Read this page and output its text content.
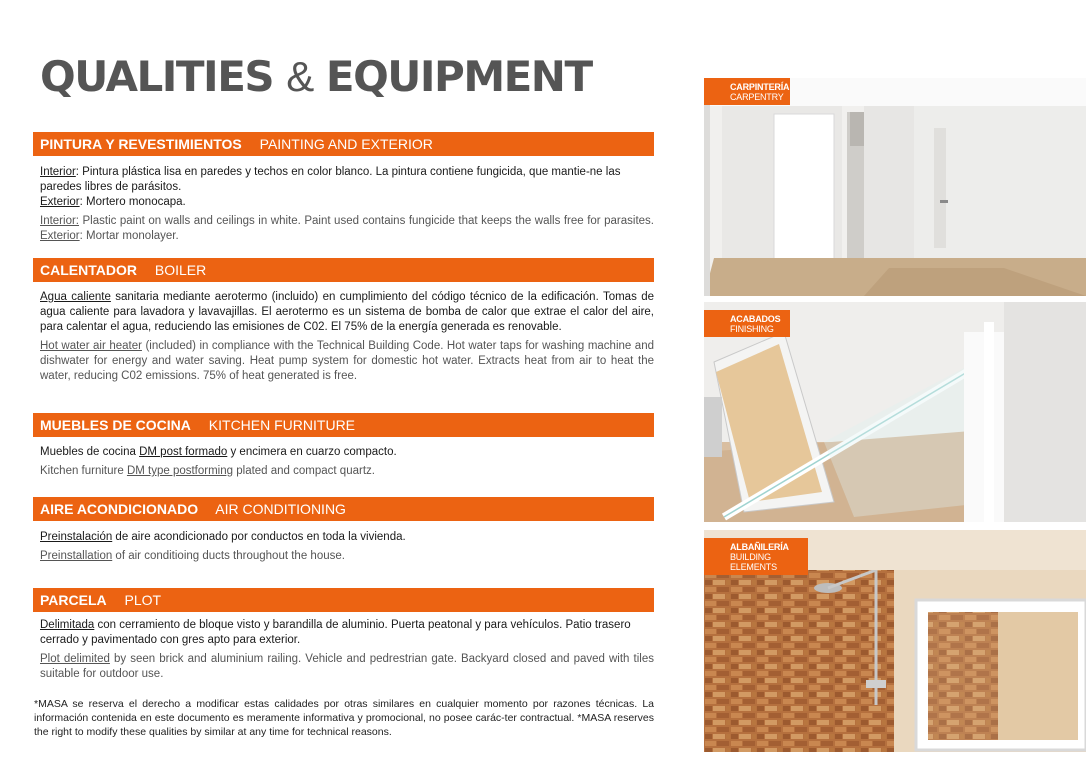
QUALITIES & EQUIPMENT
PINTURA Y REVESTIMIENTOS PAINTING AND EXTERIOR

Interior: Pintura plástica lisa en paredes y techos en color blanco. La pintura contiene fungicida, que mantie-ne las paredes libres de parásitos.
Exterior: Mortero monocapa.

Interior: Plastic paint on walls and ceilings in white. Paint used contains fungicide that keeps the walls free for parasites. Exterior: Mortar monolayer.

CALENTADOR BOILER

Agua caliente sanitaria mediante aerotermo (incluido) en cumplimiento del código técnico de la edificación. Tomas de agua caliente para lavadora y lavavajillas. El aerotermo es un sistema de bomba de calor que extrae el calor del aire, para calentar el agua, reduciendo las emisiones de C02. El 75% de la energía generada es renovable.

Hot water air heater (included) in compliance with the Technical Building Code. Hot water taps for washing machine and dishwater for energy and water saving. Heat pump system for domestic hot water. Extracts heat from air to heat the water, reducing C02 emissions. 75% of heat generated is free.

MUEBLES DE COCINA KITCHEN FURNITURE

Muebles de cocina DM post formado y encimera en cuarzo compacto.

Kitchen furniture DM type postforming plated and compact quartz.

AIRE ACONDICIONADO AIR CONDITIONING

Preinstalación de aire acondicionado por conductos en toda la vivienda.

Preinstallation of air conditioing ducts throughout the house.

PARCELA PLOT

Delimitada con cerramiento de bloque visto y barandilla de aluminio. Puerta peatonal y para vehículos. Patio trasero cerrado y pavimentado con gres apto para exterior.

Plot delimited by seen brick and aluminium railing. Vehicle and pedrestrian gate. Backyard closed and paved with tiles suitable for outdoor use.

*MASA se reserva el derecho a modificar estas calidades por otras similares en cualquier momento por razones técnicas. La información contenida en este documento es meramente informativa y promocional, no posee carác-ter contractual. *MASA reserves the right to modify these qualities by similar at any time for technical reasons.
CARPINTERÍA
CARPENTRY
ACABADOS
FINISHING
ALBAÑILERÍA
BUILDING ELEMENTS
